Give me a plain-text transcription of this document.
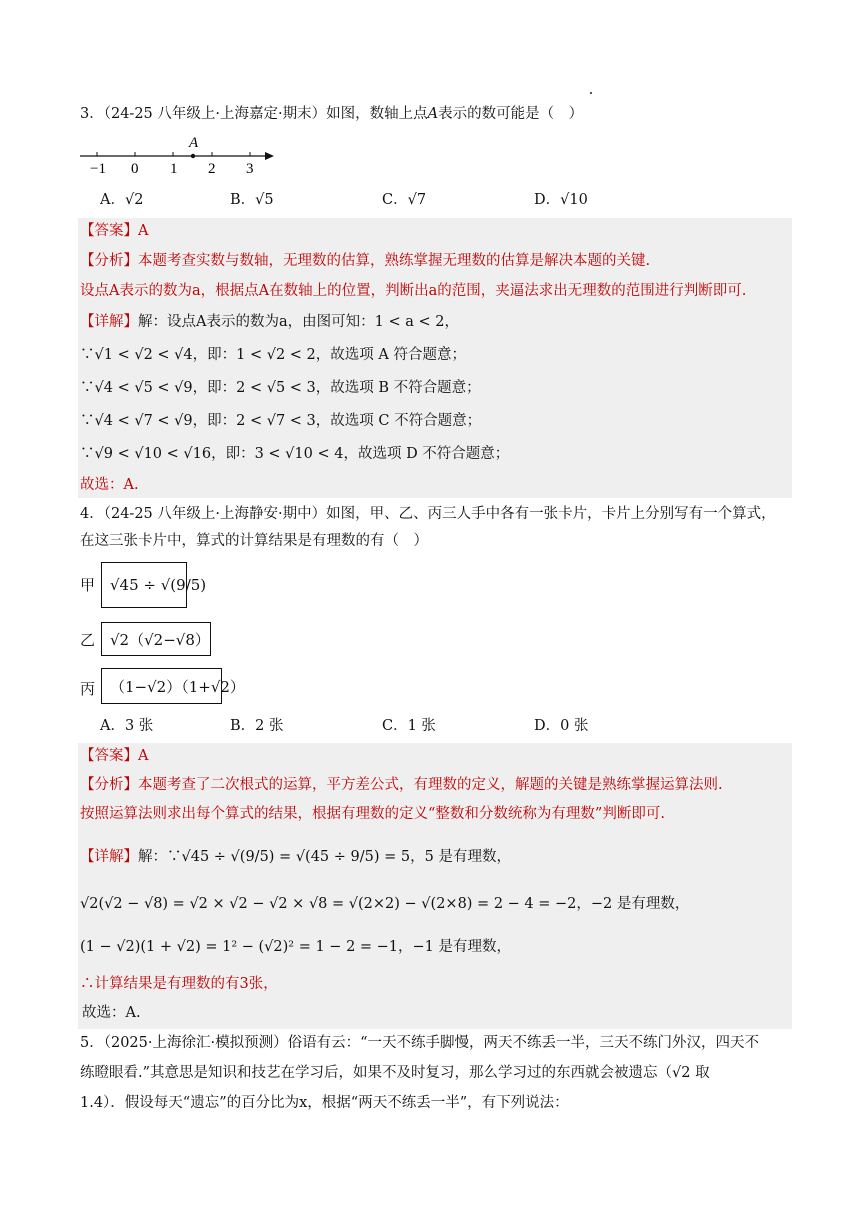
3．（24-25 八年级上·上海嘉定·期末）如图，数轴上点A表示的数可能是（　）
A
−1 0 1 2 3
A．√2	B．√5	C．√7	D．√10
【答案】A
【分析】本题考查实数与数轴，无理数的估算，熟练掌握无理数的估算是解决本题的关键.
设点A表示的数为a，根据点A在数轴上的位置，判断出a的范围，夹逼法求出无理数的范围进行判断即可.
【详解】解：设点A表示的数为a，由图可知：1 < a < 2，
∵√1 < √2 < √4，即：1 < √2 < 2，故选项 A 符合题意；
∵√4 < √5 < √9，即：2 < √5 < 3，故选项 B 不符合题意；
∵√4 < √7 < √9，即：2 < √7 < 3，故选项 C 不符合题意；
∵√9 < √10 < √16，即：3 < √10 < 4，故选项 D 不符合题意；
故选：A.
4．（24-25 八年级上·上海静安·期中）如图，甲、乙、丙三人手中各有一张卡片，卡片上分别写有一个算式，
在这三张卡片中，算式的计算结果是有理数的有（　）
甲 √45 ÷ √(9/5)
乙 √2（√2−√8）
丙 （1−√2）（1+√2）
A．3 张	B．2 张	C．1 张	D．0 张
【答案】A
【分析】本题考查了二次根式的运算，平方差公式，有理数的定义，解题的关键是熟练掌握运算法则.
按照运算法则求出每个算式的结果，根据有理数的定义“整数和分数统称为有理数”判断即可.
【详解】解：∵√45 ÷ √(9/5) = √(45 ÷ 9/5) = 5，5 是有理数，
√2(√2 − √8) = √2 × √2 − √2 × √8 = √(2×2) − √(2×8) = 2 − 4 = −2，−2 是有理数，
(1 − √2)(1 + √2) = 1² − (√2)² = 1 − 2 = −1，−1 是有理数，
∴计算结果是有理数的有3张，
故选：A.
5．（2025·上海徐汇·模拟预测）俗语有云：“一天不练手脚慢，两天不练丢一半，三天不练门外汉，四天不
练瞪眼看.”其意思是知识和技艺在学习后，如果不及时复习，那么学习过的东西就会被遗忘（√2 取
1.4）．假设每天“遗忘”的百分比为x，根据“两天不练丢一半”，有下列说法：
